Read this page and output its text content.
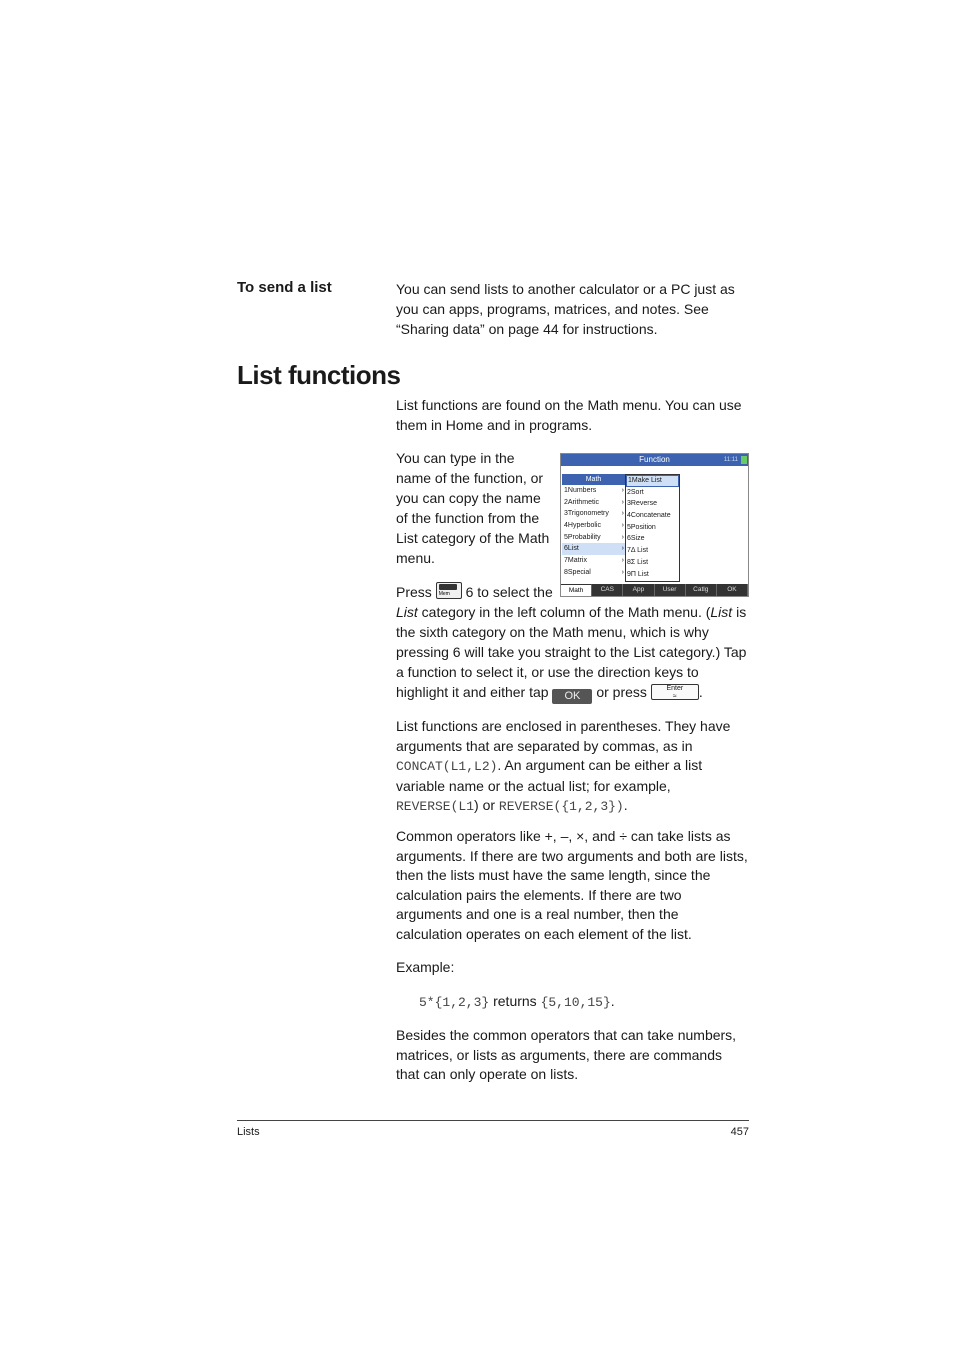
To send a list	You can send lists to another calculator or a PC just as you can apps, programs, matrices, and notes. See “Sharing data” on page 44 for instructions.

List functions

List functions are found on the Math menu. You can use them in Home and in programs.

You can type in the name of the function, or you can copy the name of the function from the List category of the Math menu.

Function	11:11
Math
1Numbers	›
2Arithmetic	›
3Trigonometry ›
4Hyperbolic	›
5Probability	›
6List	›
7Matrix	›
8Special	›
1Make List
2Sort
3Reverse
4Concatenate
5Position
6Size
7Δ List
8Σ List
9Π List
Math	CAS	App	User	Catlg	OK
Press Mem 6 to select the

List category in the left column of the Math menu. (List is the sixth category on the Math menu, which is why pressing 6 will take you straight to the List category.) Tap a function to select it, or use the direction keys to highlight it and either tap OK or press Enter
≈ .

List functions are enclosed in parentheses. They have arguments that are separated by commas, as in CONCAT(L1,L2). An argument can be either a list variable name or the actual list; for example, REVERSE(L1) or REVERSE({1,2,3}).

Common operators like +, –, ×, and ÷ can take lists as arguments. If there are two arguments and both are lists, then the lists must have the same length, since the calculation pairs the elements. If there are two arguments and one is a real number, then the calculation operates on each element of the list.

Example:

5*{1,2,3} returns {5,10,15}.

Besides the common operators that can take numbers, matrices, or lists as arguments, there are commands that can only operate on lists.

Lists	457
